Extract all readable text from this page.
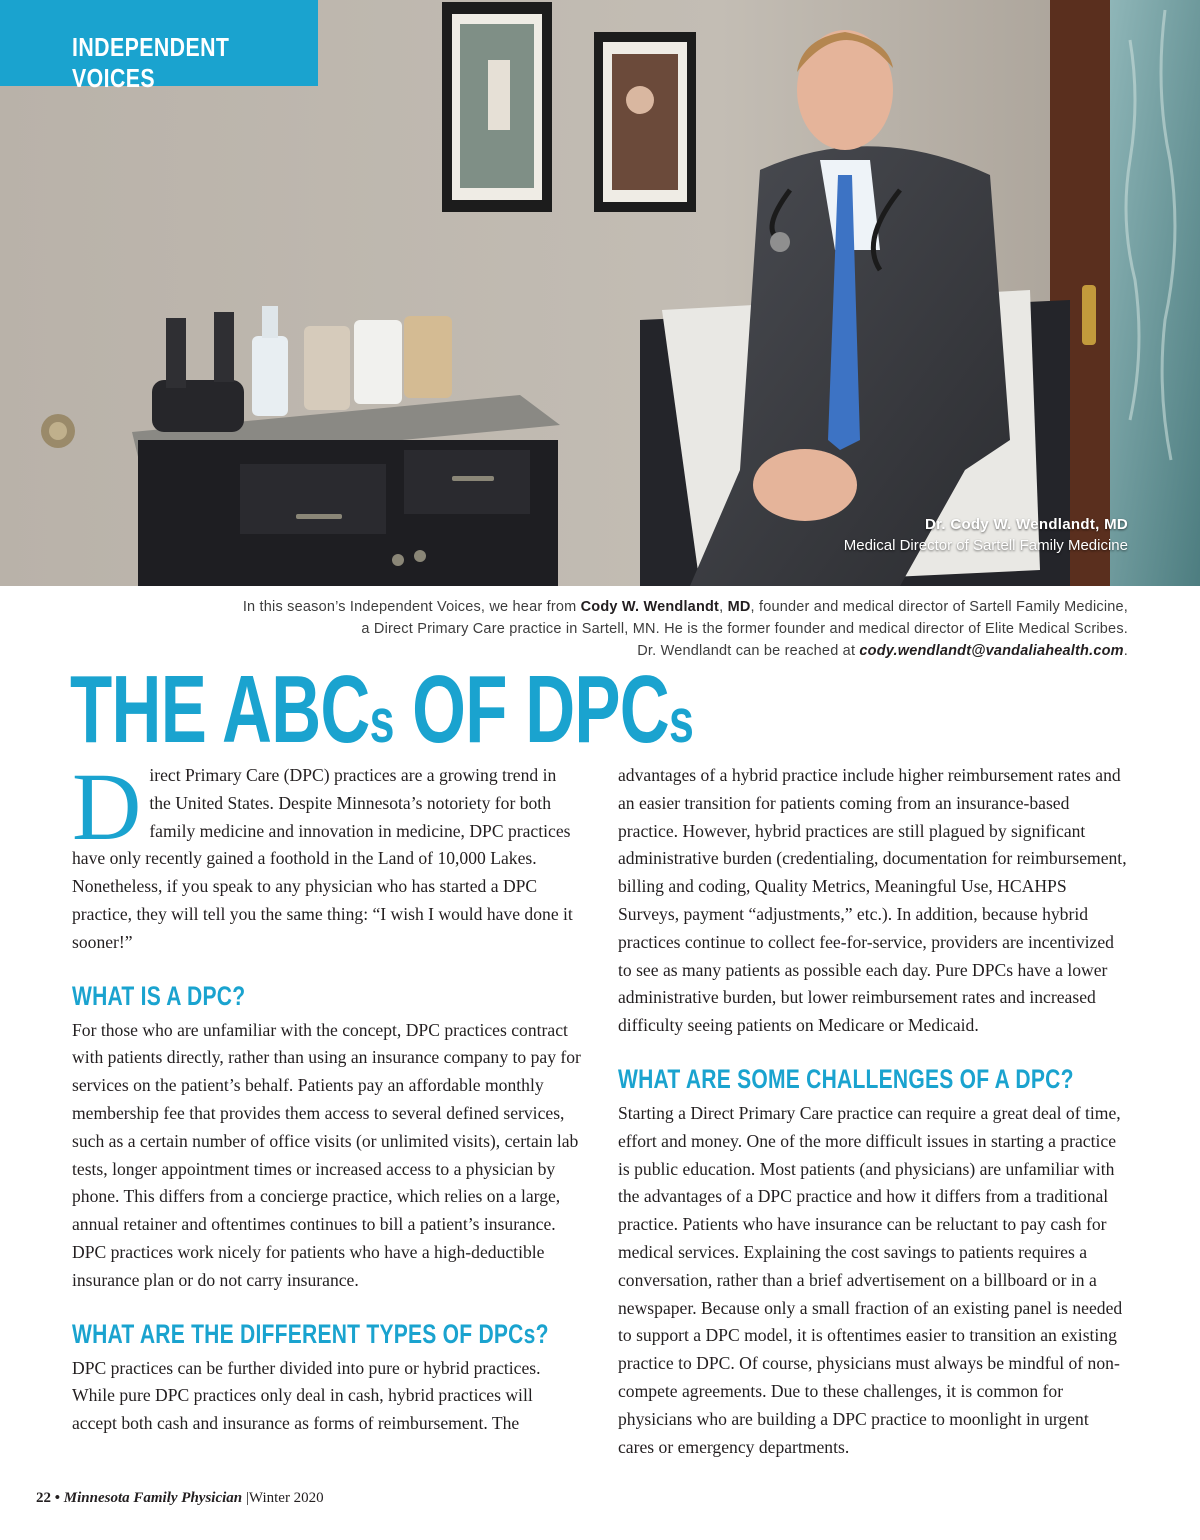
INDEPENDENT VOICES
Dr. Cody W. Wendlandt, MD
Medical Director of Sartell Family Medicine
In this season’s Independent Voices, we hear from Cody W. Wendlandt, MD, founder and medical director of Sartell Family Medicine,
a Direct Primary Care practice in Sartell, MN. He is the former founder and medical director of Elite Medical Scribes.
Dr. Wendlandt can be reached at cody.wendlandt@vandaliahealth.com.
THE ABCs OF DPCs

Direct Primary Care (DPC) practices are a growing trend in the United States. Despite Minnesota’s notoriety for both family medicine and innovation in medicine, DPC practices have only recently gained a foothold in the Land of 10,000 Lakes. Nonetheless, if you speak to any physician who has started a DPC practice, they will tell you the same thing: “I wish I would have done it sooner!”

WHAT IS A DPC?

For those who are unfamiliar with the concept, DPC practices contract with patients directly, rather than using an insurance company to pay for services on the patient’s behalf. Patients pay an affordable monthly membership fee that provides them access to several defined services, such as a certain number of office visits (or unlimited visits), certain lab tests, longer appointment times or increased access to a physician by phone. This differs from a concierge practice, which relies on a large, annual retainer and oftentimes continues to bill a patient’s insurance. DPC practices work nicely for patients who have a high-deductible insurance plan or do not carry insurance.

WHAT ARE THE DIFFERENT TYPES OF DPCs?

DPC practices can be further divided into pure or hybrid practices. While pure DPC practices only deal in cash, hybrid practices will accept both cash and insurance as forms of reimbursement. The

advantages of a hybrid practice include higher reimbursement rates and an easier transition for patients coming from an insurance-based practice. However, hybrid practices are still plagued by significant administrative burden (credentialing, documentation for reimbursement, billing and coding, Quality Metrics, Meaningful Use, HCAHPS Surveys, payment “adjustments,” etc.). In addition, because hybrid practices continue to collect fee-for-service, providers are incentivized to see as many patients as possible each day. Pure DPCs have a lower administrative burden, but lower reimbursement rates and increased difficulty seeing patients on Medicare or Medicaid.

WHAT ARE SOME CHALLENGES OF A DPC?

Starting a Direct Primary Care practice can require a great deal of time, effort and money. One of the more difficult issues in starting a practice is public education. Most patients (and physicians) are unfamiliar with the advantages of a DPC practice and how it differs from a traditional practice. Patients who have insurance can be reluctant to pay cash for medical services. Explaining the cost savings to patients requires a conversation, rather than a brief advertisement on a billboard or in a newspaper. Because only a small fraction of an existing panel is needed to support a DPC model, it is oftentimes easier to transition an existing practice to DPC. Of course, physicians must always be mindful of non-compete agreements. Due to these challenges, it is common for physicians who are building a DPC practice to moonlight in urgent cares or emergency departments.

22 • Minnesota Family Physician |Winter 2020
